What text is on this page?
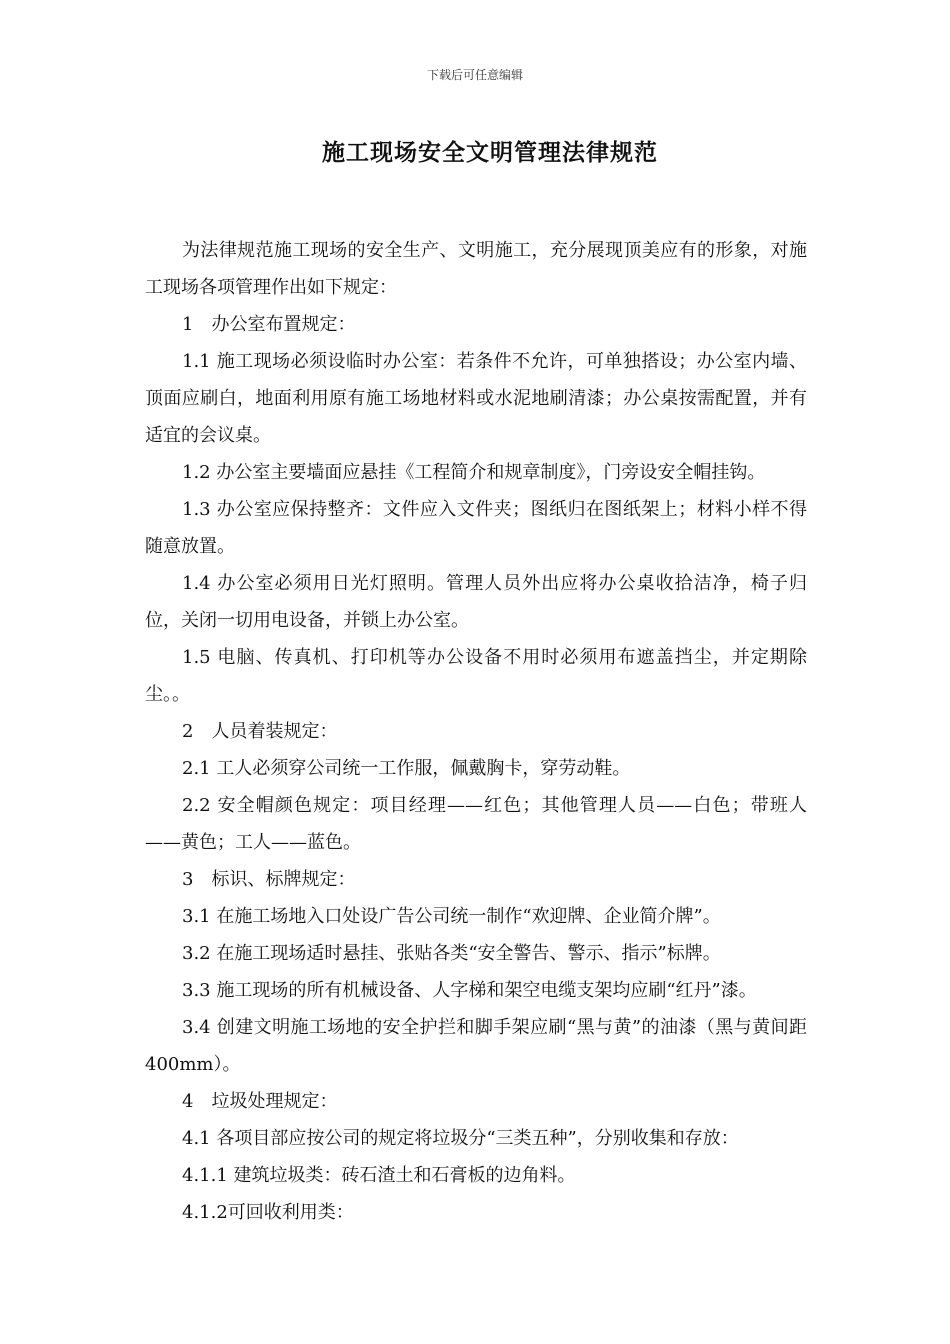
下载后可任意编辑
施工现场安全文明管理法律规范

为法律规范施工现场的安全生产、文明施工，充分展现顶美应有的形象，对施工现场各项管理作出如下规定：

1　办公室布置规定：

1.1 施工现场必须设临时办公室：若条件不允许，可单独搭设；办公室内墙、顶面应刷白，地面利用原有施工场地材料或水泥地刷清漆；办公桌按需配置，并有适宜的会议桌。

1.2 办公室主要墙面应悬挂《工程简介和规章制度》，门旁设安全帽挂钩。

1.3 办公室应保持整齐：文件应入文件夹；图纸归在图纸架上；材料小样不得随意放置。

1.4 办公室必须用日光灯照明。管理人员外出应将办公桌收拾洁净，椅子归位，关闭一切用电设备，并锁上办公室。

1.5 电脑、传真机、打印机等办公设备不用时必须用布遮盖挡尘，并定期除尘。。

2　人员着装规定：

2.1 工人必须穿公司统一工作服，佩戴胸卡，穿劳动鞋。

2.2 安全帽颜色规定：项目经理——红色；其他管理人员——白色；带班人——黄色；工人——蓝色。

3　标识、标牌规定：

3.1 在施工场地入口处设广告公司统一制作“欢迎牌、企业简介牌”。

3.2 在施工现场适时悬挂、张贴各类“安全警告、警示、指示”标牌。

3.3 施工现场的所有机械设备、人字梯和架空电缆支架均应刷“红丹”漆。

3.4 创建文明施工场地的安全护拦和脚手架应刷“黑与黄”的油漆（黑与黄间距400mm）。

4　垃圾处理规定：

4.1 各项目部应按公司的规定将垃圾分“三类五种”，分别收集和存放：

4.1.1 建筑垃圾类：砖石渣土和石膏板的边角料。

4.1.2可回收利用类：
